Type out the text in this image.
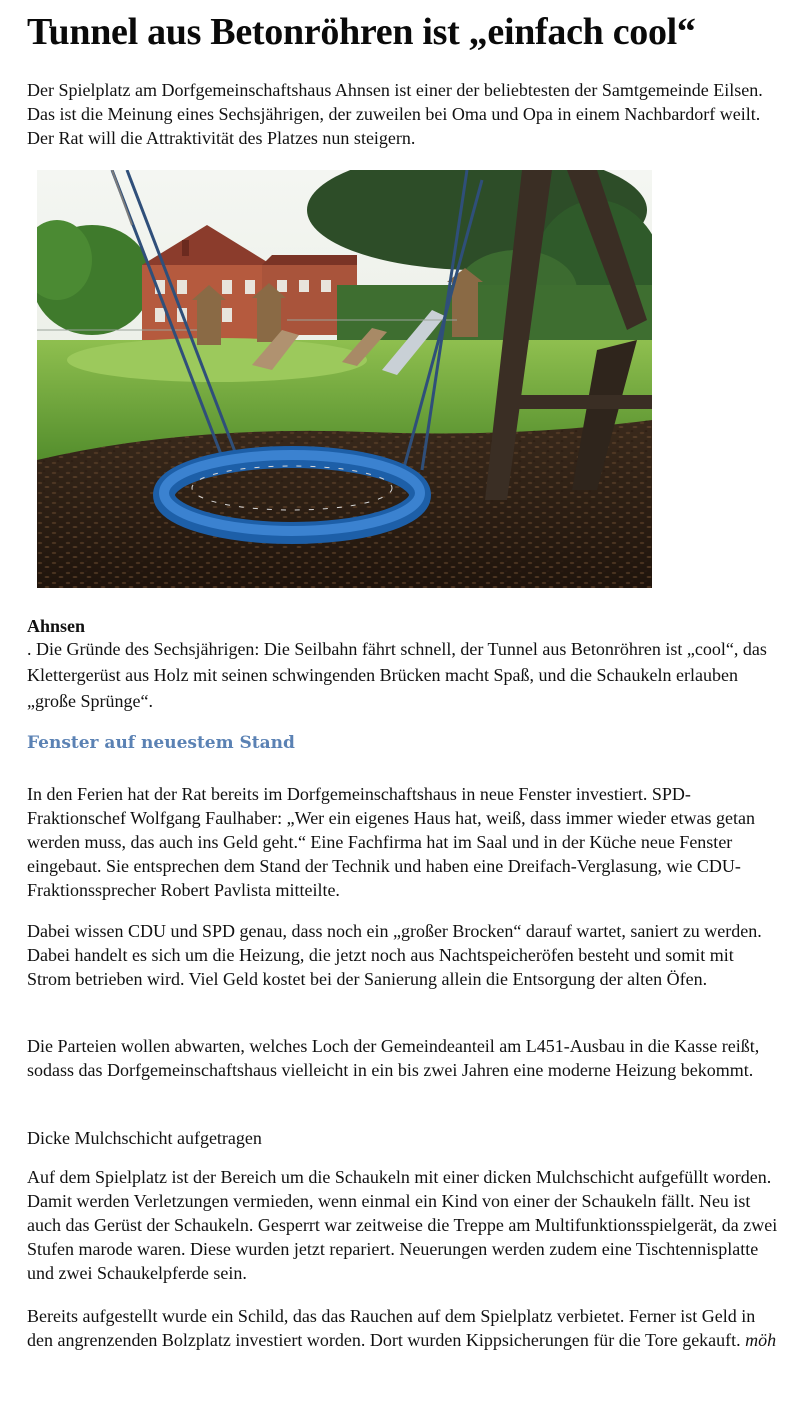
Tunnel aus Betonröhren ist „einfach cool“

Der Spielplatz am Dorfgemeinschaftshaus Ahnsen ist einer der beliebtesten der Samtgemeinde Eilsen. Das ist die Meinung eines Sechsjährigen, der zuweilen bei Oma und Opa in einem Nachbardorf weilt. Der Rat will die Attraktivität des Platzes nun steigern.

Ahnsen

. Die Gründe des Sechsjährigen: Die Seilbahn fährt schnell, der Tunnel aus Betonröhren ist „cool“, das Klettergerüst aus Holz mit seinen schwingenden Brücken macht Spaß, und die Schaukeln erlauben „große Sprünge“.

Fenster auf neuestem Stand

In den Ferien hat der Rat bereits im Dorfgemeinschaftshaus in neue Fenster investiert. SPD-Fraktionschef Wolfgang Faulhaber: „Wer ein eigenes Haus hat, weiß, dass immer wieder etwas getan werden muss, das auch ins Geld geht.“ Eine Fachfirma hat im Saal und in der Küche neue Fenster eingebaut. Sie entsprechen dem Stand der Technik und haben eine Dreifach-Verglasung, wie CDU-Fraktionssprecher Robert Pavlista mitteilte.

Dabei wissen CDU und SPD genau, dass noch ein „großer Brocken“ darauf wartet, saniert zu werden. Dabei handelt es sich um die Heizung, die jetzt noch aus Nachtspeicheröfen besteht und somit mit Strom betrieben wird. Viel Geld kostet bei der Sanierung allein die Entsorgung der alten Öfen.

Die Parteien wollen abwarten, welches Loch der Gemeindeanteil am L451-Ausbau in die Kasse reißt, sodass das Dorfgemeinschaftshaus vielleicht in ein bis zwei Jahren eine moderne Heizung bekommt.

Dicke Mulchschicht aufgetragen

Auf dem Spielplatz ist der Bereich um die Schaukeln mit einer dicken Mulchschicht aufgefüllt worden. Damit werden Verletzungen vermieden, wenn einmal ein Kind von einer der Schaukeln fällt. Neu ist auch das Gerüst der Schaukeln. Gesperrt war zeitweise die Treppe am Multifunktionsspielgerät, da zwei Stufen marode waren. Diese wurden jetzt repariert. Neuerungen werden zudem eine Tischtennisplatte und zwei Schaukelpferde sein.

Bereits aufgestellt wurde ein Schild, das das Rauchen auf dem Spielplatz verbietet. Ferner ist Geld in den angrenzenden Bolzplatz investiert worden. Dort wurden Kippsicherungen für die Tore gekauft. möh
